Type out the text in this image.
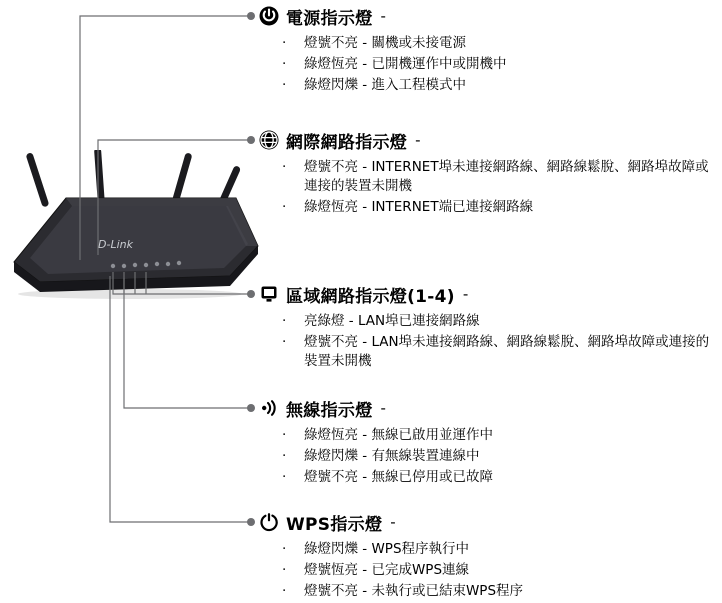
D-Link
電源指示燈 -
‧	燈號不亮 - 關機或未接電源
‧	綠燈恆亮 - 已開機運作中或開機中
‧	綠燈閃爍 - 進入工程模式中
網際網路指示燈 -
‧	燈號不亮 - INTERNET埠未連接網路線、網路線鬆脫、網路埠故障或連接的裝置未開機
‧	綠燈恆亮 - INTERNET端已連接網路線
區域網路指示燈(1-4) -
‧	亮綠燈 - LAN埠已連接網路線
‧	燈號不亮 - LAN埠未連接網路線、網路線鬆脫、網路埠故障或連接的裝置未開機
無線指示燈 -
‧	綠燈恆亮 - 無線已啟用並運作中
‧	綠燈閃爍 - 有無線裝置連線中
‧	燈號不亮 - 無線已停用或已故障
WPS指示燈 -
‧	綠燈閃爍 - WPS程序執行中
‧	燈號恆亮 - 已完成WPS連線
‧	燈號不亮 - 未執行或已結束WPS程序
